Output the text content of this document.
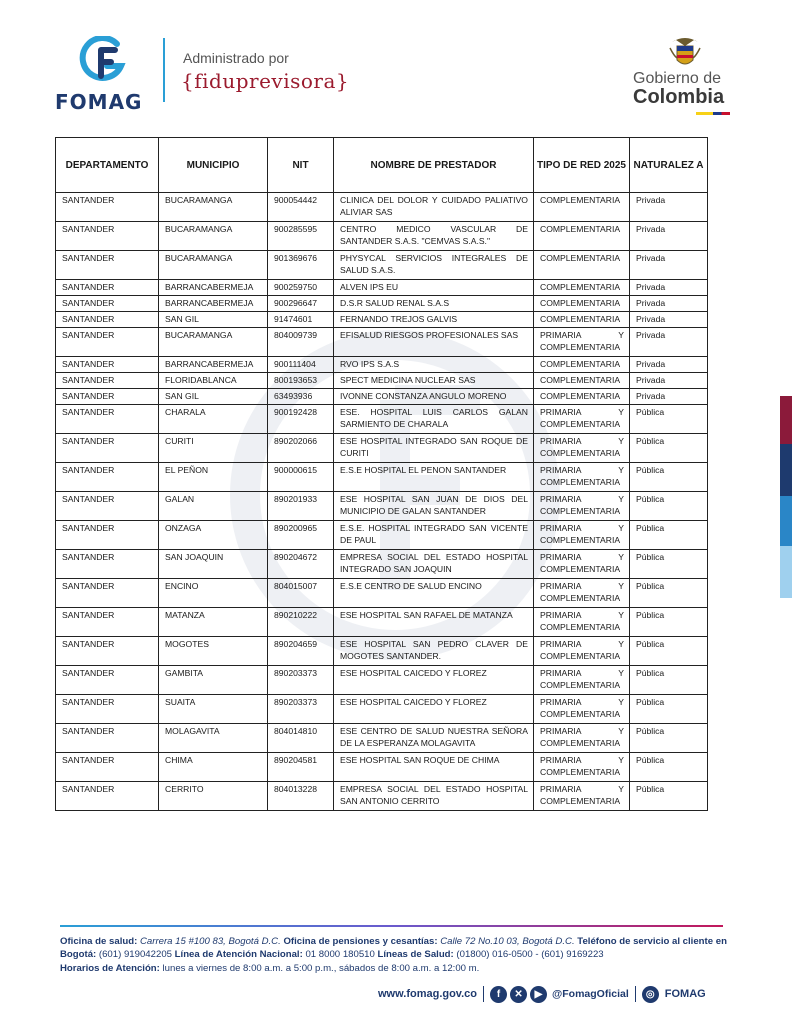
FOMAG
Administrado por
{fiduprevisora}	Gobierno de
Colombia
DEPARTAMENTO	MUNICIPIO	NIT	NOMBRE DE PRESTADOR	TIPO DE RED 2025	NATURALEZ A
SANTANDER	BUCARAMANGA	900054442	CLINICA DEL DOLOR Y CUIDADO PALIATIVO ALIVIAR SAS	COMPLEMENTARIA	Privada
SANTANDER	BUCARAMANGA	900285595	CENTRO MEDICO VASCULAR DE SANTANDER S.A.S. "CEMVAS S.A.S."	COMPLEMENTARIA	Privada
SANTANDER	BUCARAMANGA	901369676	PHYSYCAL SERVICIOS INTEGRALES DE SALUD S.A.S.	COMPLEMENTARIA	Privada
SANTANDER	BARRANCABERMEJA	900259750	ALVEN IPS EU	COMPLEMENTARIA	Privada
SANTANDER	BARRANCABERMEJA	900296647	D.S.R SALUD RENAL S.A.S	COMPLEMENTARIA	Privada
SANTANDER	SAN GIL	91474601	FERNANDO TREJOS GALVIS	COMPLEMENTARIA	Privada
SANTANDER	BUCARAMANGA	804009739	EFISALUD RIESGOS PROFESIONALES SAS	PRIMARIA Y COMPLEMENTARIA	Privada
SANTANDER	BARRANCABERMEJA	900111404	RVO IPS S.A.S	COMPLEMENTARIA	Privada
SANTANDER	FLORIDABLANCA	800193653	SPECT MEDICINA NUCLEAR SAS	COMPLEMENTARIA	Privada
SANTANDER	SAN GIL	63493936	IVONNE CONSTANZA ANGULO MORENO	COMPLEMENTARIA	Privada
SANTANDER	CHARALA	900192428	ESE. HOSPITAL LUIS CARLOS GALAN SARMIENTO DE CHARALA	PRIMARIA Y COMPLEMENTARIA	Pública
SANTANDER	CURITI	890202066	ESE HOSPITAL INTEGRADO SAN ROQUE DE CURITI	PRIMARIA Y COMPLEMENTARIA	Pública
SANTANDER	EL PEÑON	900000615	E.S.E HOSPITAL EL PENON SANTANDER	PRIMARIA Y COMPLEMENTARIA	Pública
SANTANDER	GALAN	890201933	ESE HOSPITAL SAN JUAN DE DIOS DEL MUNICIPIO DE GALAN SANTANDER	PRIMARIA Y COMPLEMENTARIA	Pública
SANTANDER	ONZAGA	890200965	E.S.E. HOSPITAL INTEGRADO SAN VICENTE DE PAUL	PRIMARIA Y COMPLEMENTARIA	Pública
SANTANDER	SAN JOAQUIN	890204672	EMPRESA SOCIAL DEL ESTADO HOSPITAL INTEGRADO SAN JOAQUIN	PRIMARIA Y COMPLEMENTARIA	Pública
SANTANDER	ENCINO	804015007	E.S.E CENTRO DE SALUD ENCINO	PRIMARIA Y COMPLEMENTARIA	Pública
SANTANDER	MATANZA	890210222	ESE HOSPITAL SAN RAFAEL DE MATANZA	PRIMARIA Y COMPLEMENTARIA	Pública
SANTANDER	MOGOTES	890204659	ESE HOSPITAL SAN PEDRO CLAVER DE MOGOTES SANTANDER.	PRIMARIA Y COMPLEMENTARIA	Pública
SANTANDER	GAMBITA	890203373	ESE HOSPITAL CAICEDO Y FLOREZ	PRIMARIA Y COMPLEMENTARIA	Pública
SANTANDER	SUAITA	890203373	ESE HOSPITAL CAICEDO Y FLOREZ	PRIMARIA Y COMPLEMENTARIA	Pública
SANTANDER	MOLAGAVITA	804014810	ESE CENTRO DE SALUD NUESTRA SEÑORA DE LA ESPERANZA MOLAGAVITA	PRIMARIA Y COMPLEMENTARIA	Pública
SANTANDER	CHIMA	890204581	ESE HOSPITAL SAN ROQUE DE CHIMA	PRIMARIA Y COMPLEMENTARIA	Pública
SANTANDER	CERRITO	804013228	EMPRESA SOCIAL DEL ESTADO HOSPITAL SAN ANTONIO CERRITO	PRIMARIA Y COMPLEMENTARIA	Pública
Oficina de salud: Carrera 15 #100 83, Bogotá D.C. Oficina de pensiones y cesantías: Calle 72 No.10 03, Bogotá D.C. Teléfono de servicio al cliente en Bogotá: (601) 919042205 Línea de Atención Nacional: 01 8000 180510 Líneas de Salud: (01800) 016-0500 - (601) 9169223
Horarios de Atención: lunes a viernes de 8:00 a.m. a 5:00 p.m., sábados de 8:00 a.m. a 12:00 m.
www.fomag.gov.co	f	✕	▶ @FomagOficial	◎ FOMAG
